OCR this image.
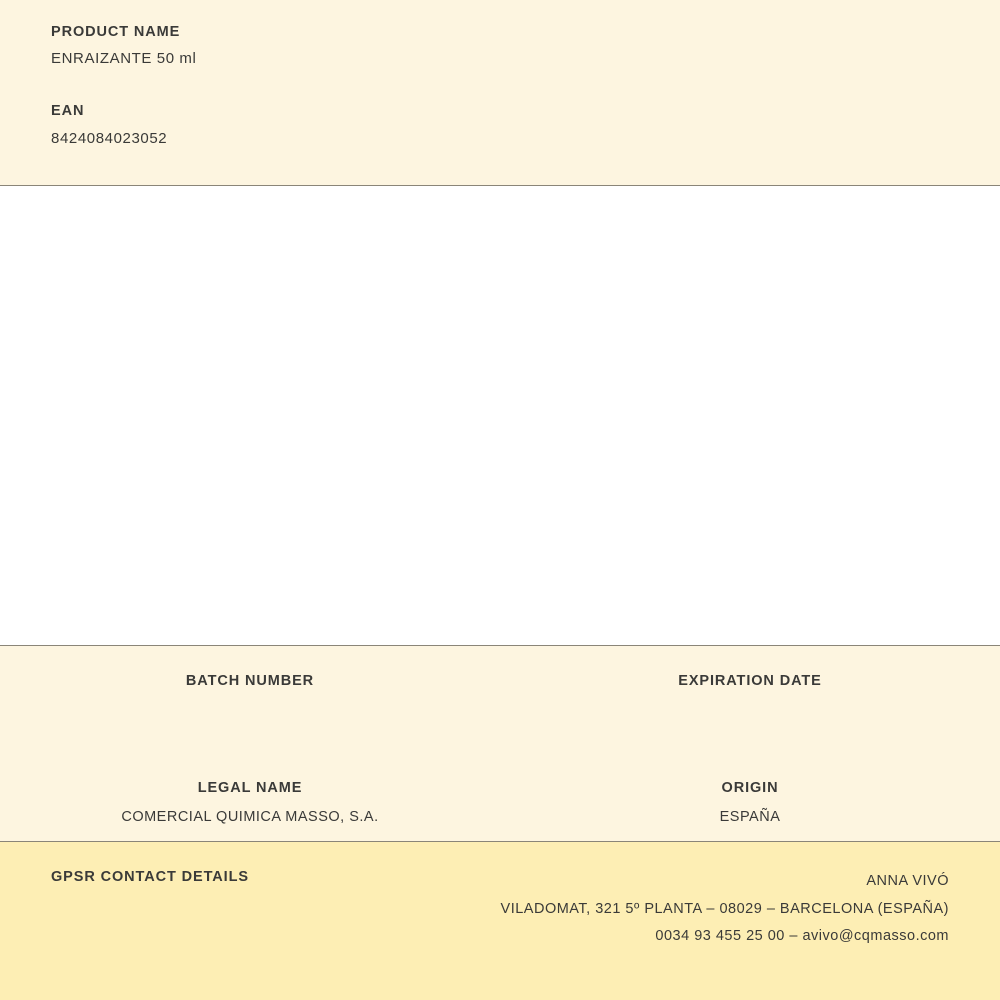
PRODUCT NAME
ENRAIZANTE 50 ml
EAN
8424084023052
BATCH NUMBER	EXPIRATION DATE
LEGAL NAME
COMERCIAL QUIMICA MASSO, S.A.
ORIGIN
ESPAÑA
GPSR CONTACT DETAILS	ANNA VIVÓ
VILADOMAT, 321 5º PLANTA – 08029 – BARCELONA (ESPAÑA)
0034 93 455 25 00 – avivo@cqmasso.com
